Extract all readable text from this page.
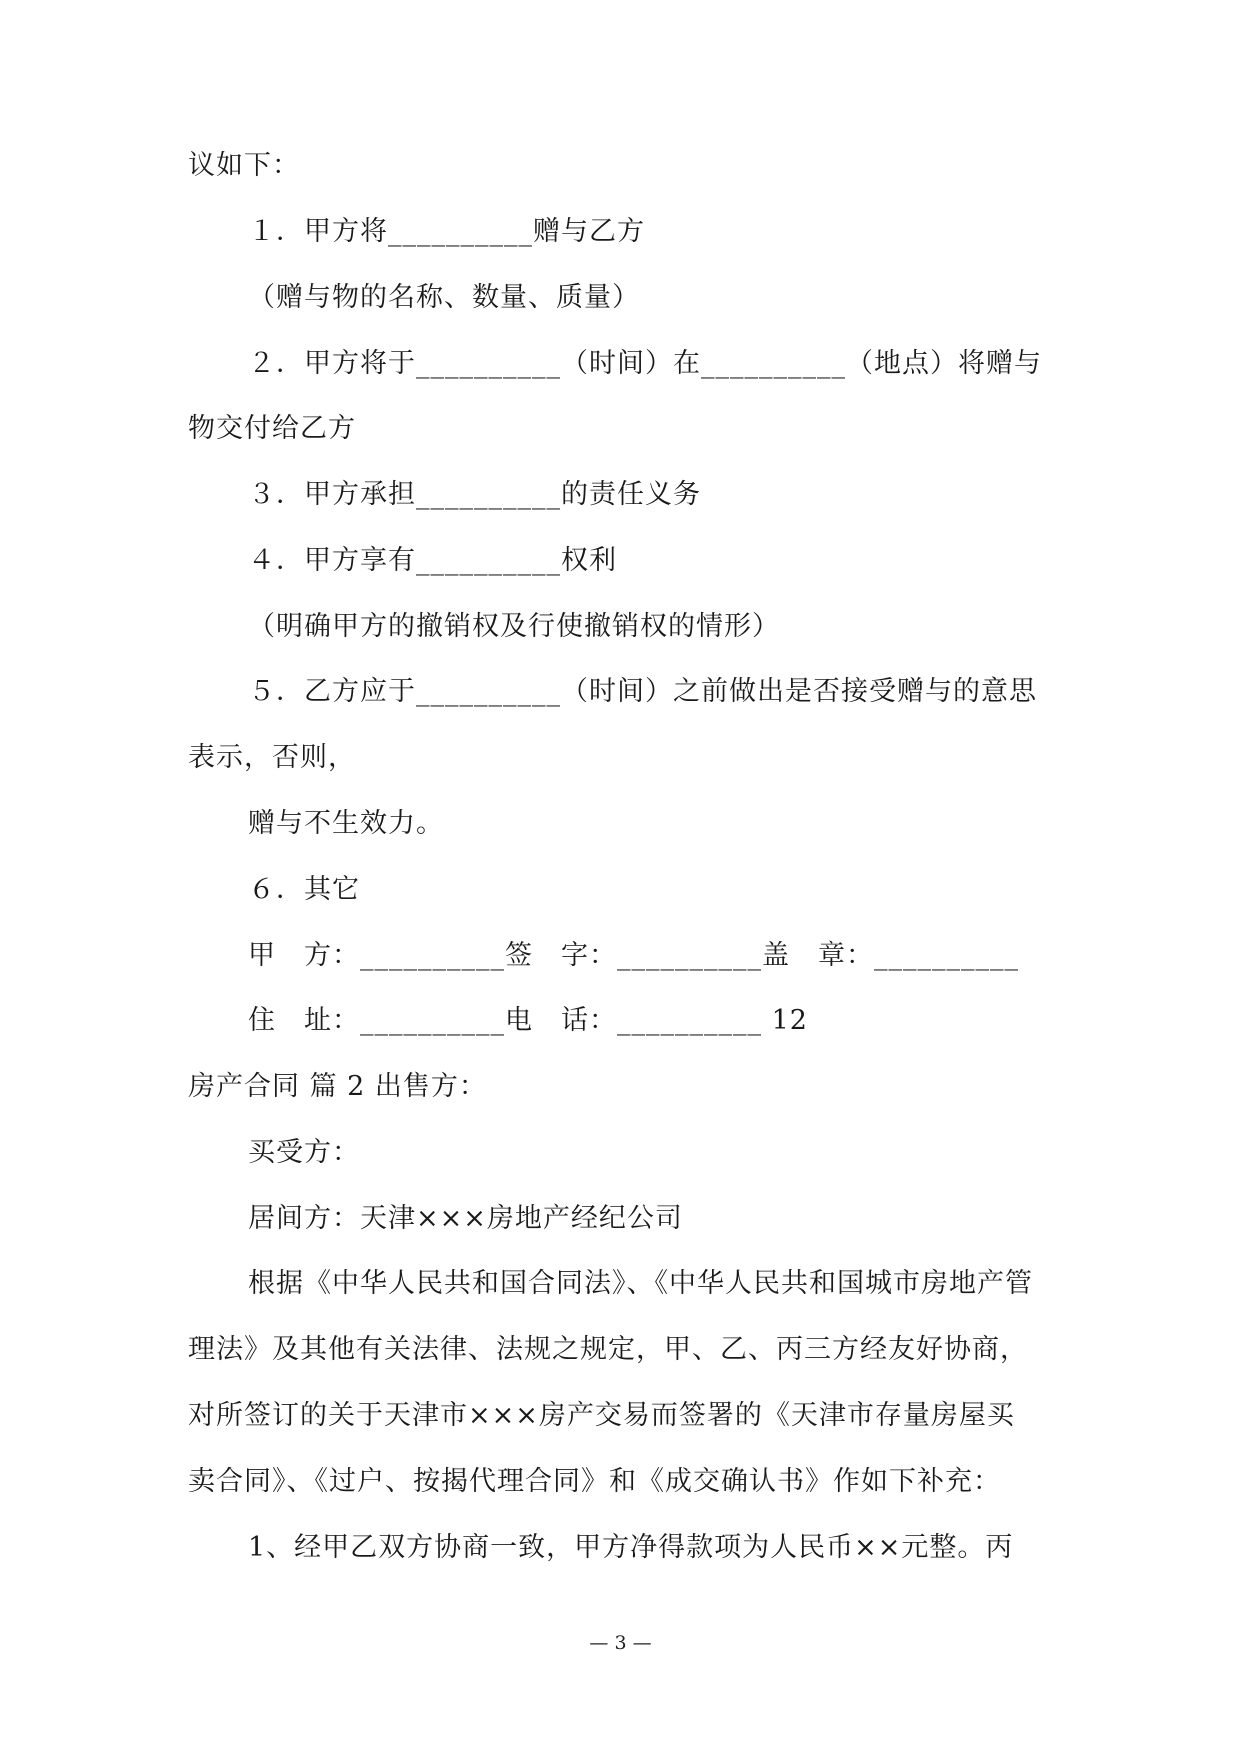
议如下：
１．甲方将__________赠与乙方
（赠与物的名称、数量、质量）
２．甲方将于__________（时间）在__________（地点）将赠与
物交付给乙方
３．甲方承担__________的责任义务
４．甲方享有__________权利
（明确甲方的撤销权及行使撤销权的情形）
５．乙方应于__________（时间）之前做出是否接受赠与的意思
表示，否则，
赠与不生效力。
６．其它
甲　方：__________签　字：__________盖　章：__________
住　址：__________电　话：__________ 12
房产合同 篇 2 出售方：
买受方：
居间方：天津×××房地产经纪公司
根据《中华人民共和国合同法》、《中华人民共和国城市房地产管
理法》及其他有关法律、法规之规定，甲、乙、丙三方经友好协商，
对所签订的关于天津市×××房产交易而签署的《天津市存量房屋买
卖合同》、《过户、按揭代理合同》和《成交确认书》作如下补充：
1、经甲乙双方协商一致，甲方净得款项为人民币××元整。丙
— 3 —
